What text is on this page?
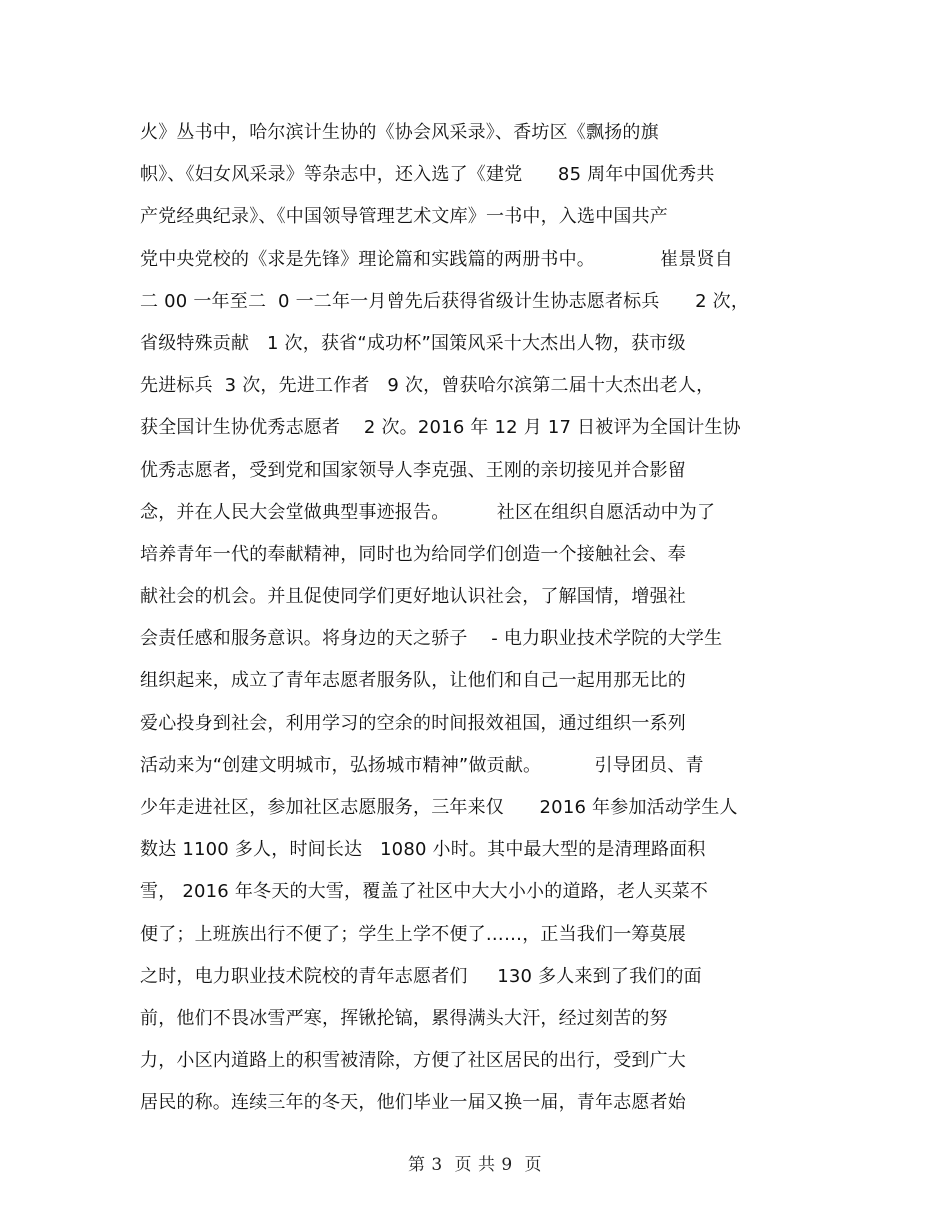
火》丛书中，哈尔滨计生协的《协会风采录》、香坊区《飘扬的旗
帜》、《妇女风采录》等杂志中，还入选了《建党      85 周年中国优秀共
产党经典纪录》、《中国领导管理艺术文库》一书中，入选中国共产
党中央党校的《求是先锋》理论篇和实践篇的两册书中。           崔景贤自
二 00 一年至二  0 一二年一月曾先后获得省级计生协志愿者标兵      2 次，
省级特殊贡献   1 次，获省“成功杯”国策风采十大杰出人物，获市级
先进标兵  3 次，先进工作者   9 次，曾获哈尔滨第二届十大杰出老人，
获全国计生协优秀志愿者    2 次。2016 年 12 月 17 日被评为全国计生协
优秀志愿者，受到党和国家领导人李克强、王刚的亲切接见并合影留
念，并在人民大会堂做典型事迹报告。        社区在组织自愿活动中为了
培养青年一代的奉献精神，同时也为给同学们创造一个接触社会、奉
献社会的机会。并且促使同学们更好地认识社会，了解国情，增强社
会责任感和服务意识。将身边的天之骄子    - 电力职业技术学院的大学生
组织起来，成立了青年志愿者服务队，让他们和自己一起用那无比的
爱心投身到社会，利用学习的空余的时间报效祖国，通过组织一系列
活动来为“创建文明城市，弘扬城市精神”做贡献。         引导团员、青
少年走进社区，参加社区志愿服务，三年来仅      2016 年参加活动学生人
数达 1100 多人，时间长达   1080 小时。其中最大型的是清理路面积
雪， 2016 年冬天的大雪，覆盖了社区中大大小小的道路，老人买菜不
便了；上班族出行不便了；学生上学不便了……，正当我们一筹莫展
之时，电力职业技术院校的青年志愿者们     130 多人来到了我们的面
前，他们不畏冰雪严寒，挥锹抡镐，累得满头大汗，经过刻苦的努
力，小区内道路上的积雪被清除，方便了社区居民的出行，受到广大
居民的称。连续三年的冬天，他们毕业一届又换一届，青年志愿者始
第 3  页 共 9  页
